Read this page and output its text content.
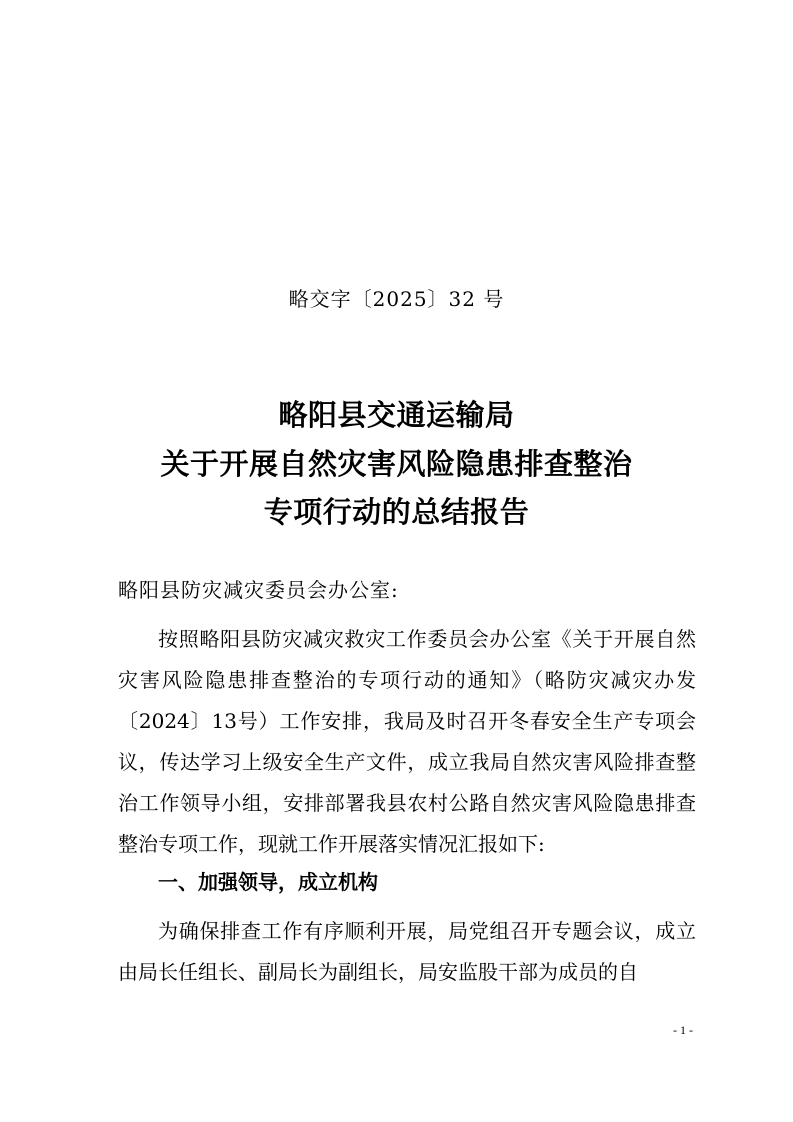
略交字〔2025〕32 号
略阳县交通运输局
关于开展自然灾害风险隐患排查整治
专项行动的总结报告
略阳县防灾减灾委员会办公室:
按照略阳县防灾减灾救灾工作委员会办公室《关于开展自然灾害风险隐患排查整治的专项行动的通知》（略防灾减灾办发〔2024〕13号）工作安排，我局及时召开冬春安全生产专项会议，传达学习上级安全生产文件，成立我局自然灾害风险排查整治工作领导小组，安排部署我县农村公路自然灾害风险隐患排查整治专项工作，现就工作开展落实情况汇报如下:
一、加强领导，成立机构
为确保排查工作有序顺利开展，局党组召开专题会议，成立由局长任组长、副局长为副组长，局安监股干部为成员的自
- 1 -
